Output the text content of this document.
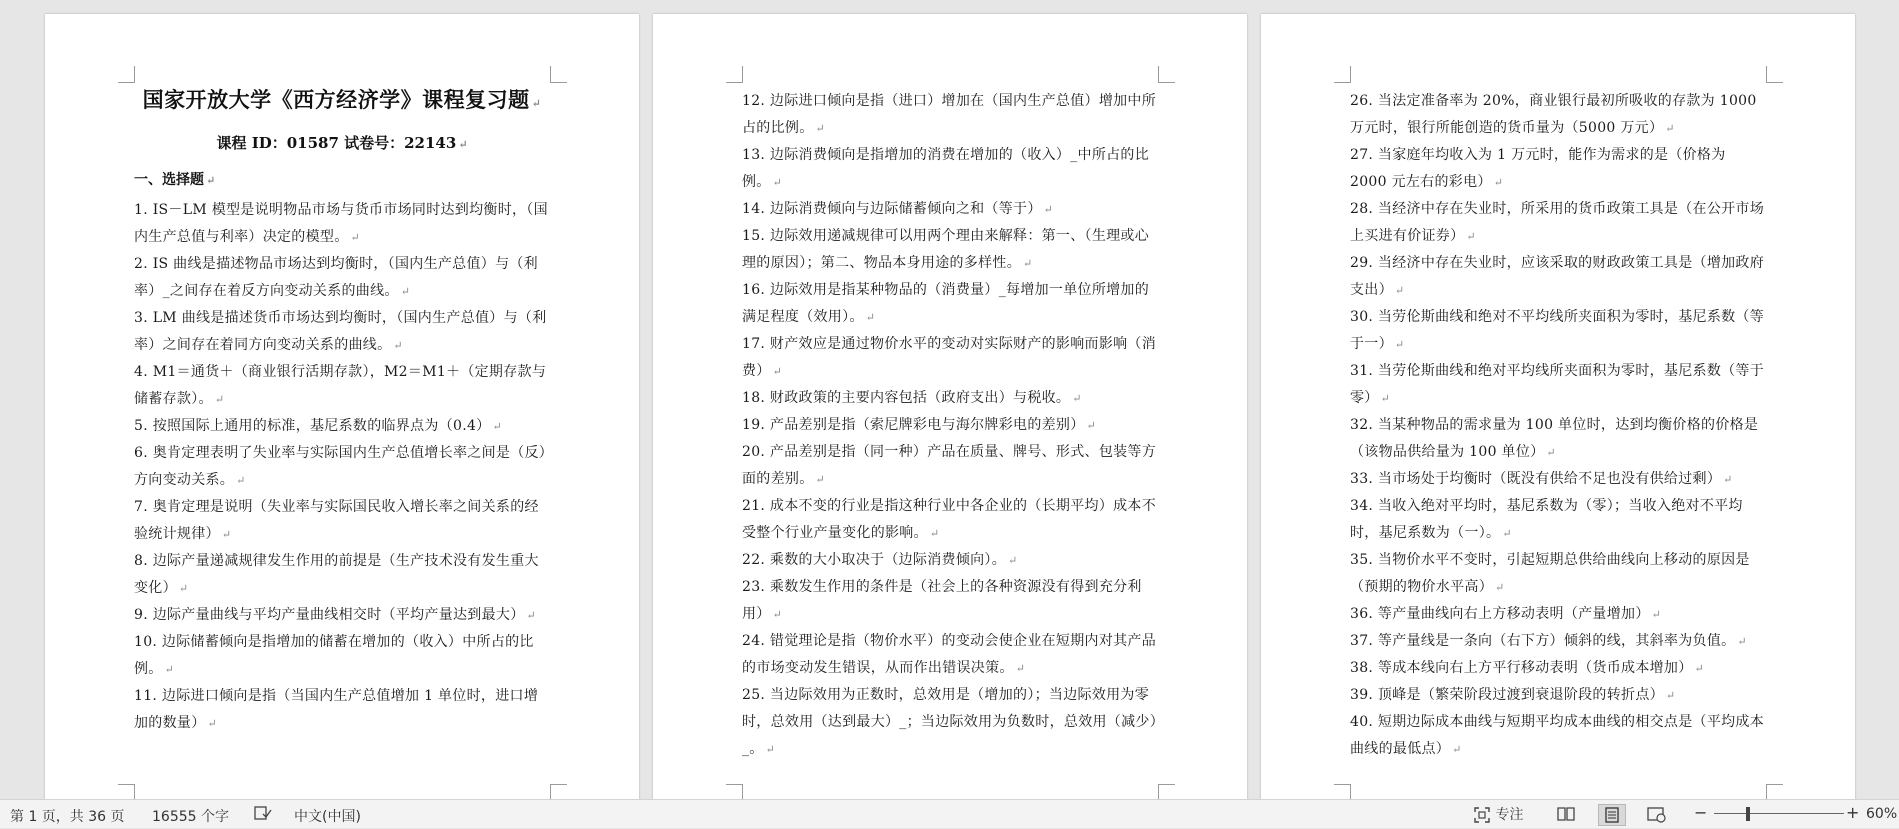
国家开放大学《西方经济学》课程复习题 ↵
课程 ID：01587 试卷号：22143 ↵
一、选择题 ↵

1. IS－LM 模型是说明物品市场与货币市场同时达到均衡时，（国内生产总值与利率）决定的模型。 ↵

2. IS 曲线是描述物品市场达到均衡时，（国内生产总值）与（利率）_之间存在着反方向变动关系的曲线。 ↵

3. LM 曲线是描述货币市场达到均衡时，（国内生产总值）与（利率）之间存在着同方向变动关系的曲线。 ↵

4. M1＝通货＋（商业银行活期存款），M2＝M1＋（定期存款与储蓄存款）。 ↵

5. 按照国际上通用的标准，基尼系数的临界点为（0.4） ↵

6. 奥肯定理表明了失业率与实际国内生产总值增长率之间是（反）方向变动关系。 ↵

7. 奥肯定理是说明（失业率与实际国民收入增长率之间关系的经验统计规律） ↵

8. 边际产量递减规律发生作用的前提是（生产技术没有发生重大变化） ↵

9. 边际产量曲线与平均产量曲线相交时（平均产量达到最大） ↵

10. 边际储蓄倾向是指增加的储蓄在增加的（收入）中所占的比例。 ↵

11. 边际进口倾向是指（当国内生产总值增加 1 单位时，进口增加的数量） ↵

12. 边际进口倾向是指（进口）增加在（国内生产总值）增加中所占的比例。 ↵

13. 边际消费倾向是指增加的消费在增加的（收入）_中所占的比例。 ↵

14. 边际消费倾向与边际储蓄倾向之和（等于） ↵

15. 边际效用递减规律可以用两个理由来解释：第一、（生理或心理的原因）；第二、物品本身用途的多样性。 ↵

16. 边际效用是指某种物品的（消费量）_每增加一单位所增加的满足程度（效用）。 ↵

17. 财产效应是通过物价水平的变动对实际财产的影响而影响（消费） ↵

18. 财政政策的主要内容包括（政府支出）与税收。 ↵

19. 产品差别是指（索尼牌彩电与海尔牌彩电的差别） ↵

20. 产品差别是指（同一种）产品在质量、牌号、形式、包装等方面的差别。 ↵

21. 成本不变的行业是指这种行业中各企业的（长期平均）成本不受整个行业产量变化的影响。 ↵

22. 乘数的大小取决于（边际消费倾向）。 ↵

23. 乘数发生作用的条件是（社会上的各种资源没有得到充分利用） ↵

24. 错觉理论是指（物价水平）的变动会使企业在短期内对其产品的市场变动发生错误，从而作出错误决策。 ↵

25. 当边际效用为正数时，总效用是（增加的）；当边际效用为零时，总效用（达到最大）_；当边际效用为负数时，总效用（减少）_。 ↵

26. 当法定准备率为 20%，商业银行最初所吸收的存款为 1000 万元时，银行所能创造的货币量为（5000 万元） ↵

27. 当家庭年均收入为 1 万元时，能作为需求的是（价格为 2000 元左右的彩电） ↵

28. 当经济中存在失业时，所采用的货币政策工具是（在公开市场上买进有价证券） ↵

29. 当经济中存在失业时，应该采取的财政政策工具是（增加政府支出） ↵

30. 当劳伦斯曲线和绝对不平均线所夹面积为零时，基尼系数（等于一） ↵

31. 当劳伦斯曲线和绝对平均线所夹面积为零时，基尼系数（等于零） ↵

32. 当某种物品的需求量为 100 单位时，达到均衡价格的价格是（该物品供给量为 100 单位） ↵

33. 当市场处于均衡时（既没有供给不足也没有供给过剩） ↵

34. 当收入绝对平均时，基尼系数为（零）；当收入绝对不平均时，基尼系数为（一）。 ↵

35. 当物价水平不变时，引起短期总供给曲线向上移动的原因是（预期的物价水平高） ↵

36. 等产量曲线向右上方移动表明（产量增加） ↵

37. 等产量线是一条向（右下方）倾斜的线，其斜率为负值。 ↵

38. 等成本线向右上方平行移动表明（货币成本增加） ↵

39. 顶峰是（繁荣阶段过渡到衰退阶段的转折点） ↵

40. 短期边际成本曲线与短期平均成本曲线的相交点是（平均成本曲线的最低点） ↵

第 1 页，共 36 页 16555 个字	中文(中国)	专注	−	+ 60%
